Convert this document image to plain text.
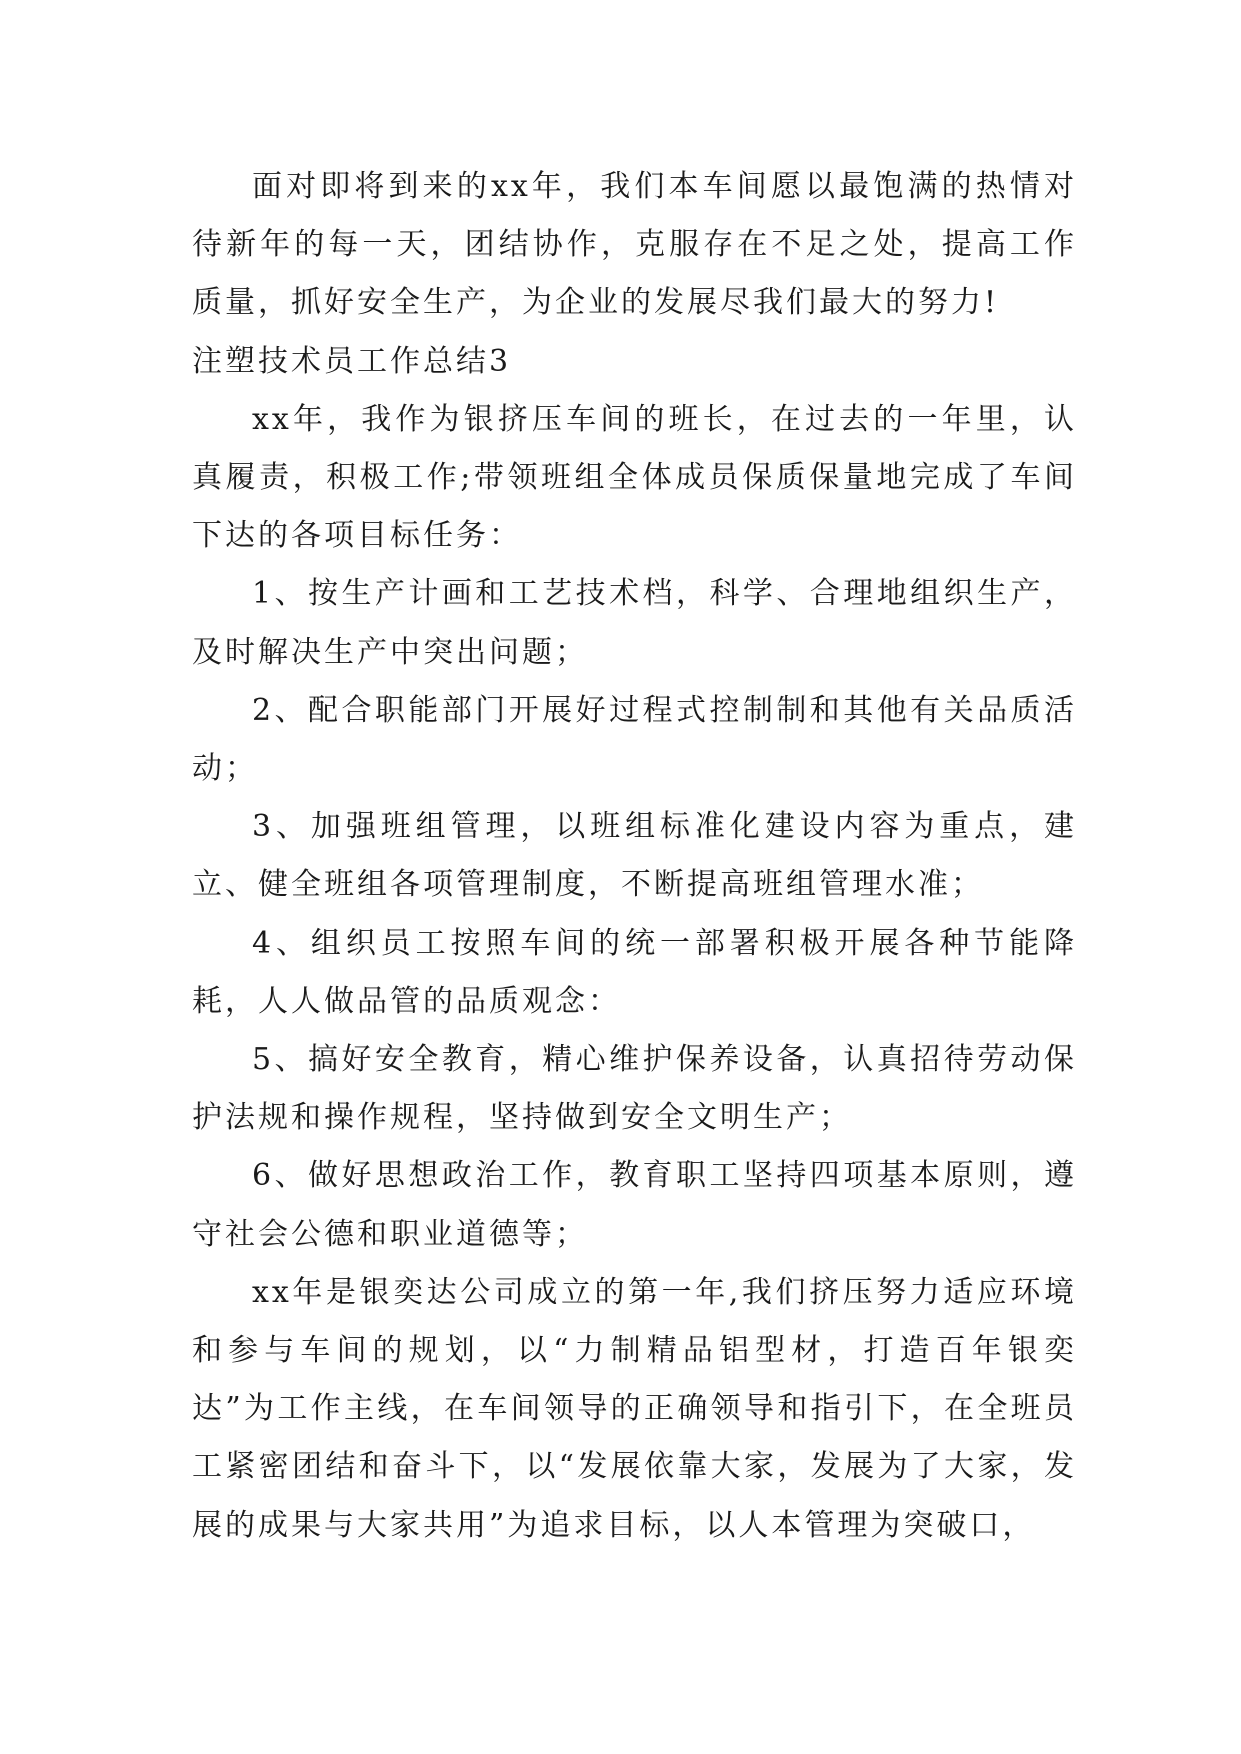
面对即将到来的xx年，我们本车间愿以最饱满的热情对待新年的每一天，团结协作，克服存在不足之处，提高工作质量，抓好安全生产，为企业的发展尽我们最大的努力!

注塑技术员工作总结3

xx年，我作为银挤压车间的班长，在过去的一年里，认真履责，积极工作;带领班组全体成员保质保量地完成了车间下达的各项目标任务：

1、按生产计画和工艺技术档，科学、合理地组织生产，及时解决生产中突出问题；

2、配合职能部门开展好过程式控制制和其他有关品质活动；

3、加强班组管理，以班组标准化建设内容为重点，建立、健全班组各项管理制度，不断提高班组管理水准；

4、组织员工按照车间的统一部署积极开展各种节能降耗，人人做品管的品质观念：

5、搞好安全教育，精心维护保养设备，认真招待劳动保护法规和操作规程，坚持做到安全文明生产；

6、做好思想政治工作，教育职工坚持四项基本原则，遵守社会公德和职业道德等；

xx年是银奕达公司成立的第一年,我们挤压努力适应环境和参与车间的规划，以“力制精品铝型材，打造百年银奕达”为工作主线，在车间领导的正确领导和指引下，在全班员工紧密团结和奋斗下，以“发展依靠大家，发展为了大家，发展的成果与大家共用”为追求目标，以人本管理为突破口，
